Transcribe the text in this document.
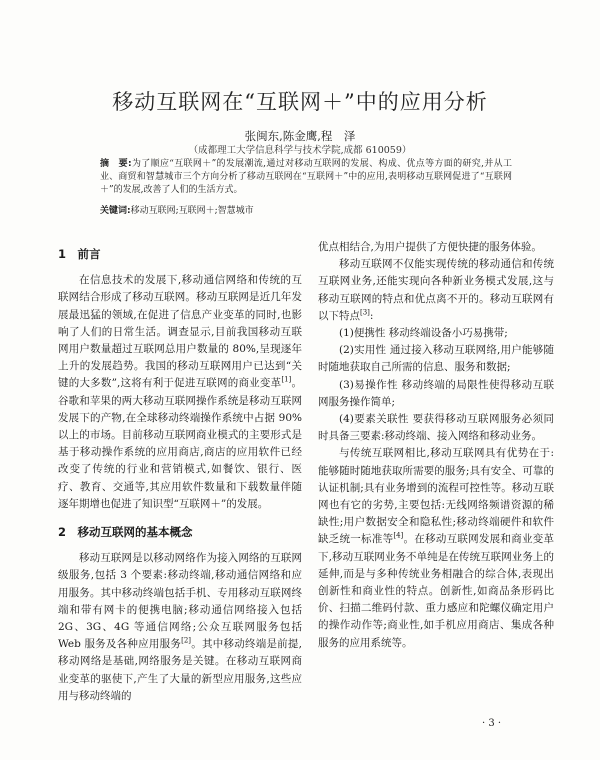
移动互联网在“互联网＋”中的应用分析
张闽东,陈金鹰,程　泽
（成都理工大学信息科学与技术学院,成都 610059）
摘　要:为了顺应“互联网＋”的发展潮流,通过对移动互联网的发展、构成、优点等方面的研究,并从工业、商贸和智慧城市三个方向分析了移动互联网在“互联网＋”中的应用,表明移动互联网促进了“互联网＋”的发展,改善了人们的生活方式。
关键词:移动互联网;互联网＋;智慧城市
1　前言

在信息技术的发展下,移动通信网络和传统的互联网结合形成了移动互联网。移动互联网是近几年发展最迅猛的领域,在促进了信息产业变革的同时,也影响了人们的日常生活。调查显示,目前我国移动互联网用户数量超过互联网总用户数量的 80%,呈现逐年上升的发展趋势。我国的移动互联网用户已达到“关键的大多数”,这将有利于促进互联网的商业变革[1]。谷歌和苹果的两大移动互联网操作系统是移动互联网发展下的产物,在全球移动终端操作系统中占据 90%以上的市场。目前移动互联网商业模式的主要形式是基于移动操作系统的应用商店,商店的应用软件已经改变了传统的行业和营销模式,如餐饮、银行、医疗、教育、交通等,其应用软件数量和下载数量伴随逐年期增也促进了知识型“互联网＋”的发展。

2　移动互联网的基本概念

移动互联网是以移动网络作为接入网络的互联网级服务,包括 3 个要素:移动终端,移动通信网络和应用服务。其中移动终端包括手机、专用移动互联网终端和带有网卡的便携电脑;移动通信网络接入包括 2G、3G、4G 等通信网络;公众互联网服务包括 Web 服务及各种应用服务[2]。其中移动终端是前提,移动网络是基础,网络服务是关键。在移动互联网商业变革的驱使下,产生了大量的新型应用服务,这些应用与移动终端的

优点相结合,为用户提供了方便快捷的服务体验。

移动互联网不仅能实现传统的移动通信和传统互联网业务,还能实现向各种新业务模式发展,这与移动互联网的特点和优点离不开的。移动互联网有以下特点[3]:

(1)便携性 移动终端设备小巧易携带;

(2)实用性 通过接入移动互联网络,用户能够随时随地获取自己所需的信息、服务和数据;

(3)易操作性 移动终端的局限性使得移动互联网服务操作简单;

(4)要素关联性 要获得移动互联网服务必须同时具备三要素:移动终端、接入网络和移动业务。

与传统互联网相比,移动互联网具有优势在于:能够随时随地获取所需要的服务;具有安全、可靠的认证机制;具有业务增到的流程可控性等。移动互联网也有它的劣势,主要包括:无线网络频谱资源的稀缺性;用户数据安全和隐私性;移动终端硬件和软件缺乏统一标准等[4]。在移动互联网发展和商业变革下,移动互联网业务不单纯是在传统互联网业务上的延伸,而是与多种传统业务相融合的综合体,表现出创新性和商业性的特点。创新性,如商品条形码比价、扫描二维码付款、重力感应和陀螺仪确定用户的操作动作等;商业性,如手机应用商店、集成各种服务的应用系统等。

· 3 ·
